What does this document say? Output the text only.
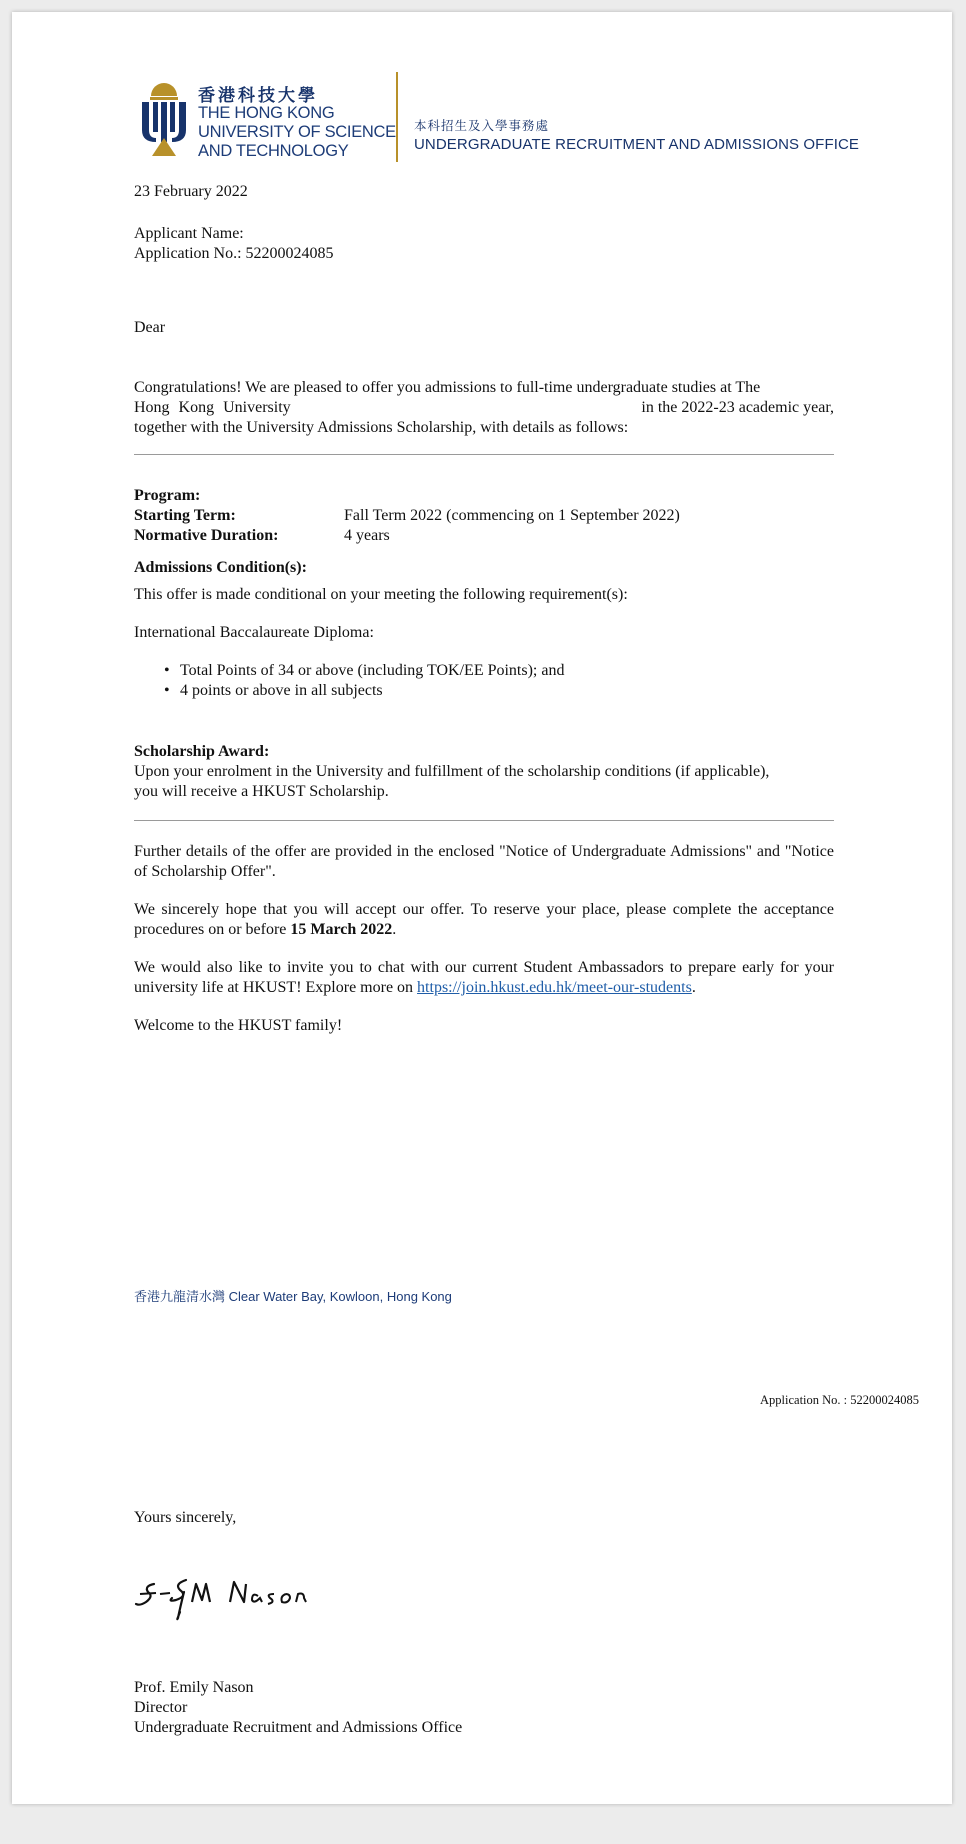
香港科技大學
THE HONG KONG
UNIVERSITY OF SCIENCE
AND TECHNOLOGY
本科招生及入學事務處
UNDERGRADUATE RECRUITMENT AND ADMISSIONS OFFICE
23 February 2022
Applicant Name:
Application No.: 52200024085
Dear
Congratulations! We are pleased to offer you admissions to full-time undergraduate studies at The
Hong Kong University	in the 2022-23 academic year,
together with the University Admissions Scholarship, with details as follows:
Program:
Starting Term:	Fall Term 2022 (commencing on 1 September 2022)
Normative Duration:	4 years
Admissions Condition(s):
This offer is made conditional on your meeting the following requirement(s):
International Baccalaureate Diploma:
• Total Points of 34 or above (including TOK/EE Points); and
• 4 points or above in all subjects
Scholarship Award:
Upon your enrolment in the University and fulfillment of the scholarship conditions (if applicable),
you will receive a HKUST Scholarship.
Further details of the offer are provided in the enclosed "Notice of Undergraduate Admissions" and "Notice of Scholarship Offer".
We sincerely hope that you will accept our offer. To reserve your place, please complete the acceptance procedures on or before 15 March 2022.
We would also like to invite you to chat with our current Student Ambassadors to prepare early for your university life at HKUST! Explore more on https://join.hkust.edu.hk/meet-our-students.
Welcome to the HKUST family!
香港九龍清水灣 Clear Water Bay, Kowloon, Hong Kong
Application No. : 52200024085
Yours sincerely,
Prof. Emily Nason
Director
Undergraduate Recruitment and Admissions Office
